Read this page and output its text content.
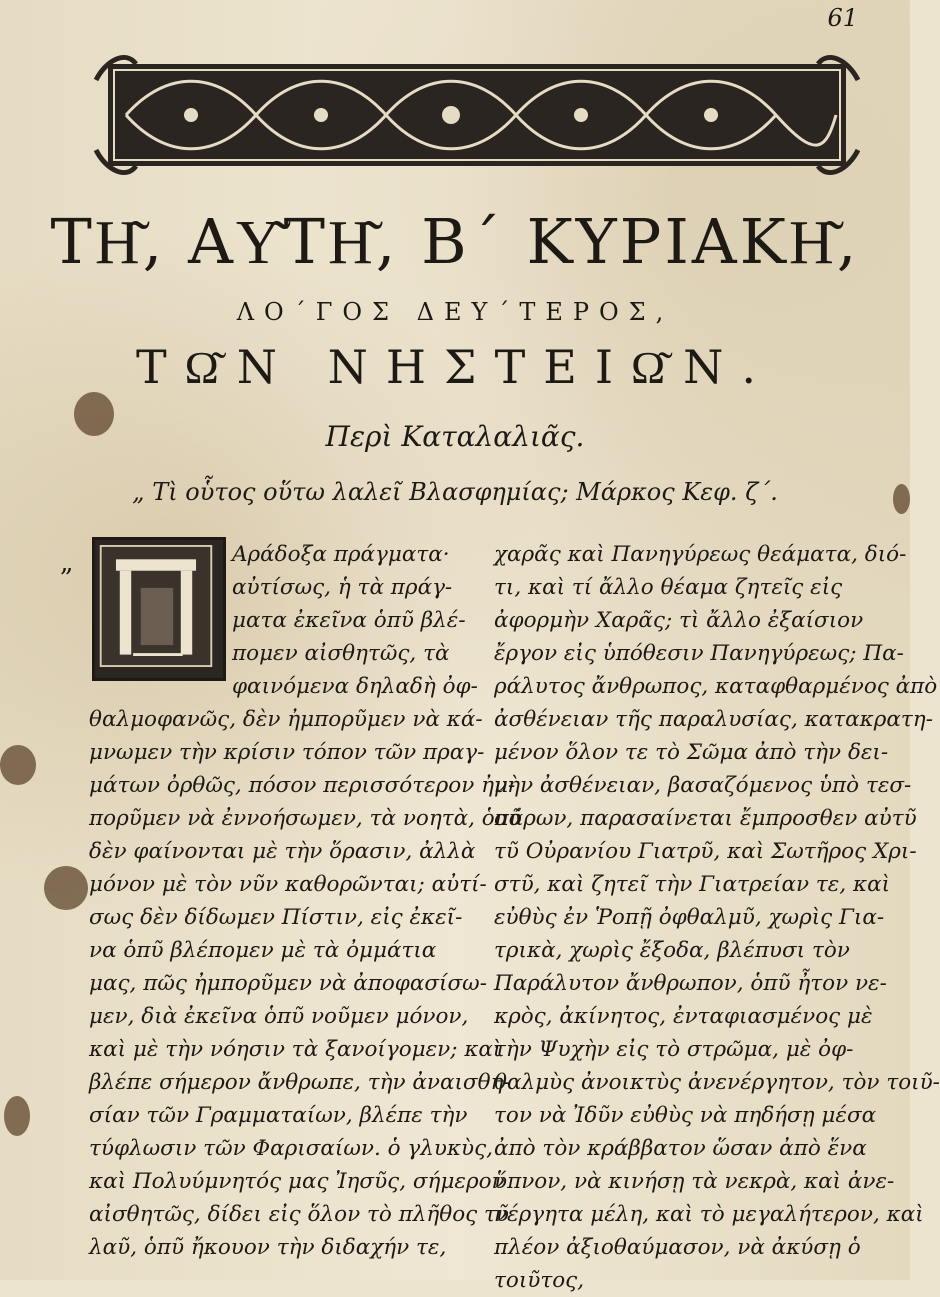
61
ΤΗ͂, ΑΥ͂ΤΗ͂, Β΄ ΚΥΡΙΑΚΗ͂,
ΛΟ΄ΓΟΣ ΔΕΥ΄ΤΕΡΟΣ,
ΤΩ͂Ν ΝΗΣΤΕΙΩ͂Ν.
Περὶ Καταλαλιᾶς.
„ Τὶ οὗτος οὕτω λαλεῖ Βλασφημίας; Μάρκος Κεφ. ζ΄.
„	Αράδοξα πράγματα·
αὐτίσως, ἡ τὰ πράγ-
ματα ἐκεῖνα ὁπῦ βλέ-
πομεν αἰσθητῶς, τὰ
φαινόμενα δηλαδὴ ὀφ-
θαλμοφανῶς, δὲν ἠμπορῦμεν νὰ κά-
μνωμεν τὴν κρίσιν τόπον τῶν πραγ-
μάτων ὀρθῶς, πόσον περισσότερον ἠμ-
πορῦμεν νὰ ἐννοήσωμεν, τὰ νοητὰ, ὁπῦ
δὲν φαίνονται μὲ τὴν ὅρασιν, ἀλλὰ
μόνον μὲ τὸν νῦν καθορῶνται; αὐτί-
σως δὲν δίδωμεν Πίστιν, εἰς ἐκεῖ-
να ὁπῦ βλέπομεν μὲ τὰ ὀμμάτια
μας, πῶς ἠμπορῦμεν νὰ ἀποφασίσω-
μεν, διὰ ἐκεῖνα ὁπῦ νοῦμεν μόνον,
καὶ μὲ τὴν νόησιν τὰ ξανοίγομεν; καὶ
βλέπε σήμερον ἄνθρωπε, τὴν ἀναισθη-
σίαν τῶν Γραμματαίων, βλέπε τὴν
τύφλωσιν τῶν Φαρισαίων. ὁ γλυκὺς,
καὶ Πολυύμνητός μας Ἰησῦς, σήμερον
αἰσθητῶς, δίδει εἰς ὅλον τὸ πλῆθος τῦ
λαῦ, ὁπῦ ἤκουον τὴν διδαχήν τε,
χαρᾶς καὶ Πανηγύρεως θεάματα, διό-
τι, καὶ τί ἄλλο θέαμα ζητεῖς εἰς
ἀφορμὴν Χαρᾶς; τὶ ἄλλο ἐξαίσιον
ἔργον εἰς ὑπόθεσιν Πανηγύρεως; Πα-
ράλυτος ἄνθρωπος, καταφθαρμένος ἀπὸ
ἀσθένειαν τῆς παραλυσίας, κατακρατη-
μένον ὅλον τε τὸ Σῶμα ἀπὸ τὴν δει-
νὴν ἀσθένειαν, βασαζόμενος ὑπὸ τεσ-
σάρων, παρασαίνεται ἔμπροσθεν αὐτῦ
τῦ Οὐρανίου Γιατρῦ, καὶ Σωτῆρος Χρι-
στῦ, καὶ ζητεῖ τὴν Γιατρείαν τε, καὶ
εὐθὺς ἐν Ῥοπῇ ὀφθαλμῦ, χωρὶς Για-
τρικὰ, χωρὶς ἔξοδα, βλέπυσι τὸν
Παράλυτον ἄνθρωπον, ὁπῦ ἦτον νε-
κρὸς, ἀκίνητος, ἐνταφιασμένος μὲ
τὴν Ψυχὴν εἰς τὸ στρῶμα, μὲ ὀφ-
θαλμὺς ἀνοικτὺς ἀνενέργητον, τὸν τοιῦ-
τον νὰ Ἰδῦν εὐθὺς νὰ πηδήσῃ μέσα
ἀπὸ τὸν κράββατον ὥσαν ἀπὸ ἕνα
ὕπνον, νὰ κινήσῃ τὰ νεκρὰ, καὶ ἀνε-
νέργητα μέλη, καὶ τὸ μεγαλήτερον, καὶ
πλέον ἀξιοθαύμασον, νὰ ἀκύσῃ ὁ
τοιῦτος,
